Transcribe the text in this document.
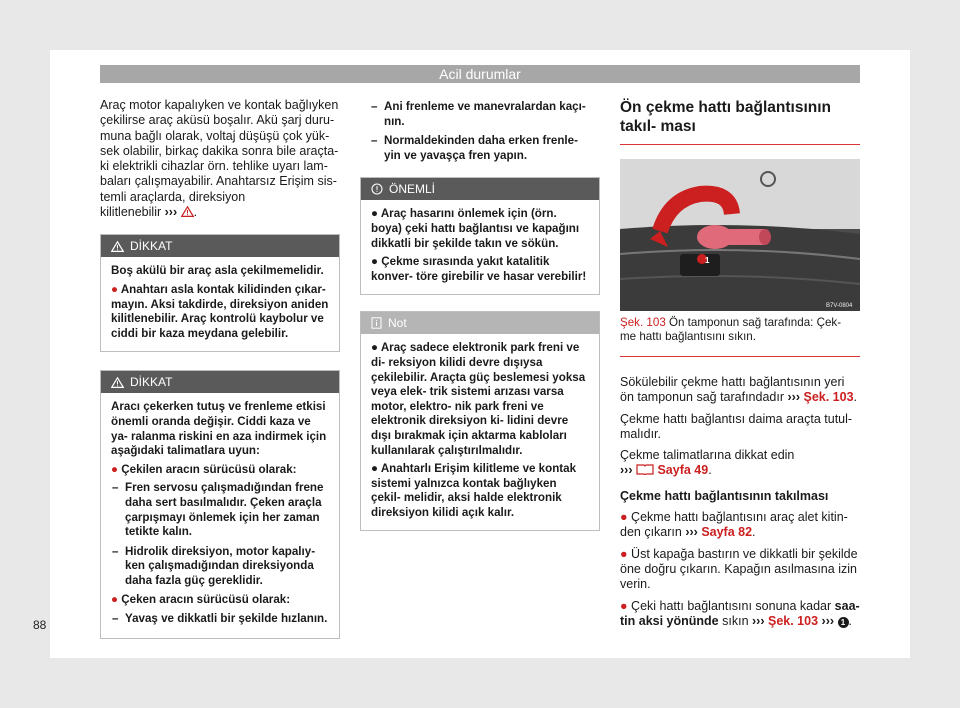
Acil durumlar

Araç motor kapalıyken ve kontak bağlıyken çekilirse araç aküsü boşalır. Akü şarj duru- muna bağlı olarak, voltaj düşüşü çok yük- sek olabilir, birkaç dakika sonra bile araçta- ki elektrikli cihazlar örn. tehlike uyarı lam- baları çalışmayabilir. Anahtarsız Erişim sis- temli araçlarda, direksiyon
kilitlenebilir ››› .

DİKKAT

Boş akülü bir araç asla çekilmemelidir.

● Anahtarı asla kontak kilidinden çıkar- mayın. Aksi takdirde, direksiyon aniden kilitlenebilir. Araç kontrolü kaybolur ve ciddi bir kaza meydana gelebilir.

DİKKAT

Aracı çekerken tutuş ve frenleme etkisi önemli oranda değişir. Ciddi kaza ve ya- ralanma riskini en aza indirmek için aşağıdaki talimatlara uyun:

● Çekilen aracın sürücüsü olarak:

– Fren servosu çalışmadığından frene daha sert basılmalıdır. Çeken araçla çarpışmayı önlemek için her zaman tetikte kalın.
– Hidrolik direksiyon, motor kapalıy- ken çalışmadığından direksiyonda daha fazla güç gereklidir.

● Çeken aracın sürücüsü olarak:

– Yavaş ve dikkatli bir şekilde hızlanın.
– Ani frenleme ve manevralardan kaçı- nın.
– Normaldekinden daha erken frenle- yin ve yavaşça fren yapın.
ÖNEMLİ

● Araç hasarını önlemek için (örn. boya) çeki hattı bağlantısı ve kapağını dikkatli bir şekilde takın ve sökün.

● Çekme sırasında yakıt katalitik konver- töre girebilir ve hasar verebilir!

Not

● Araç sadece elektronik park freni ve di- reksiyon kilidi devre dışıysa çekilebilir. Araçta güç beslemesi yoksa veya elek- trik sistemi arızası varsa motor, elektro- nik park freni ve elektronik direksiyon ki- lidini devre dışı bırakmak için aktarma kabloları kullanılarak çalıştırılmalıdır.

● Anahtarlı Erişim kilitleme ve kontak sistemi yalnızca kontak bağlıyken çekil- melidir, aksi halde elektronik direksiyon kilidi açık kalır.

Ön çekme hattı bağlantısının takıl- ması
1
B7V-0804
Şek. 103 Ön tamponun sağ tarafında: Çek- me hattı bağlantısını sıkın.

Sökülebilir çekme hattı bağlantısının yeri ön tamponun sağ tarafındadır ››› Şek. 103.

Çekme hattı bağlantısı daima araçta tutul- malıdır.

Çekme talimatlarına dikkat edin
››› Sayfa 49.

Çekme hattı bağlantısının takılması

● Çekme hattı bağlantısını araç alet kitin- den çıkarın ››› Sayfa 82.

● Üst kapağa bastırın ve dikkatli bir şekilde öne doğru çıkarın. Kapağın asılmasına izin verin.

● Çeki hattı bağlantısını sonuna kadar saa- tin aksi yönünde sıkın ››› Şek. 103 ››› 1 .

88
